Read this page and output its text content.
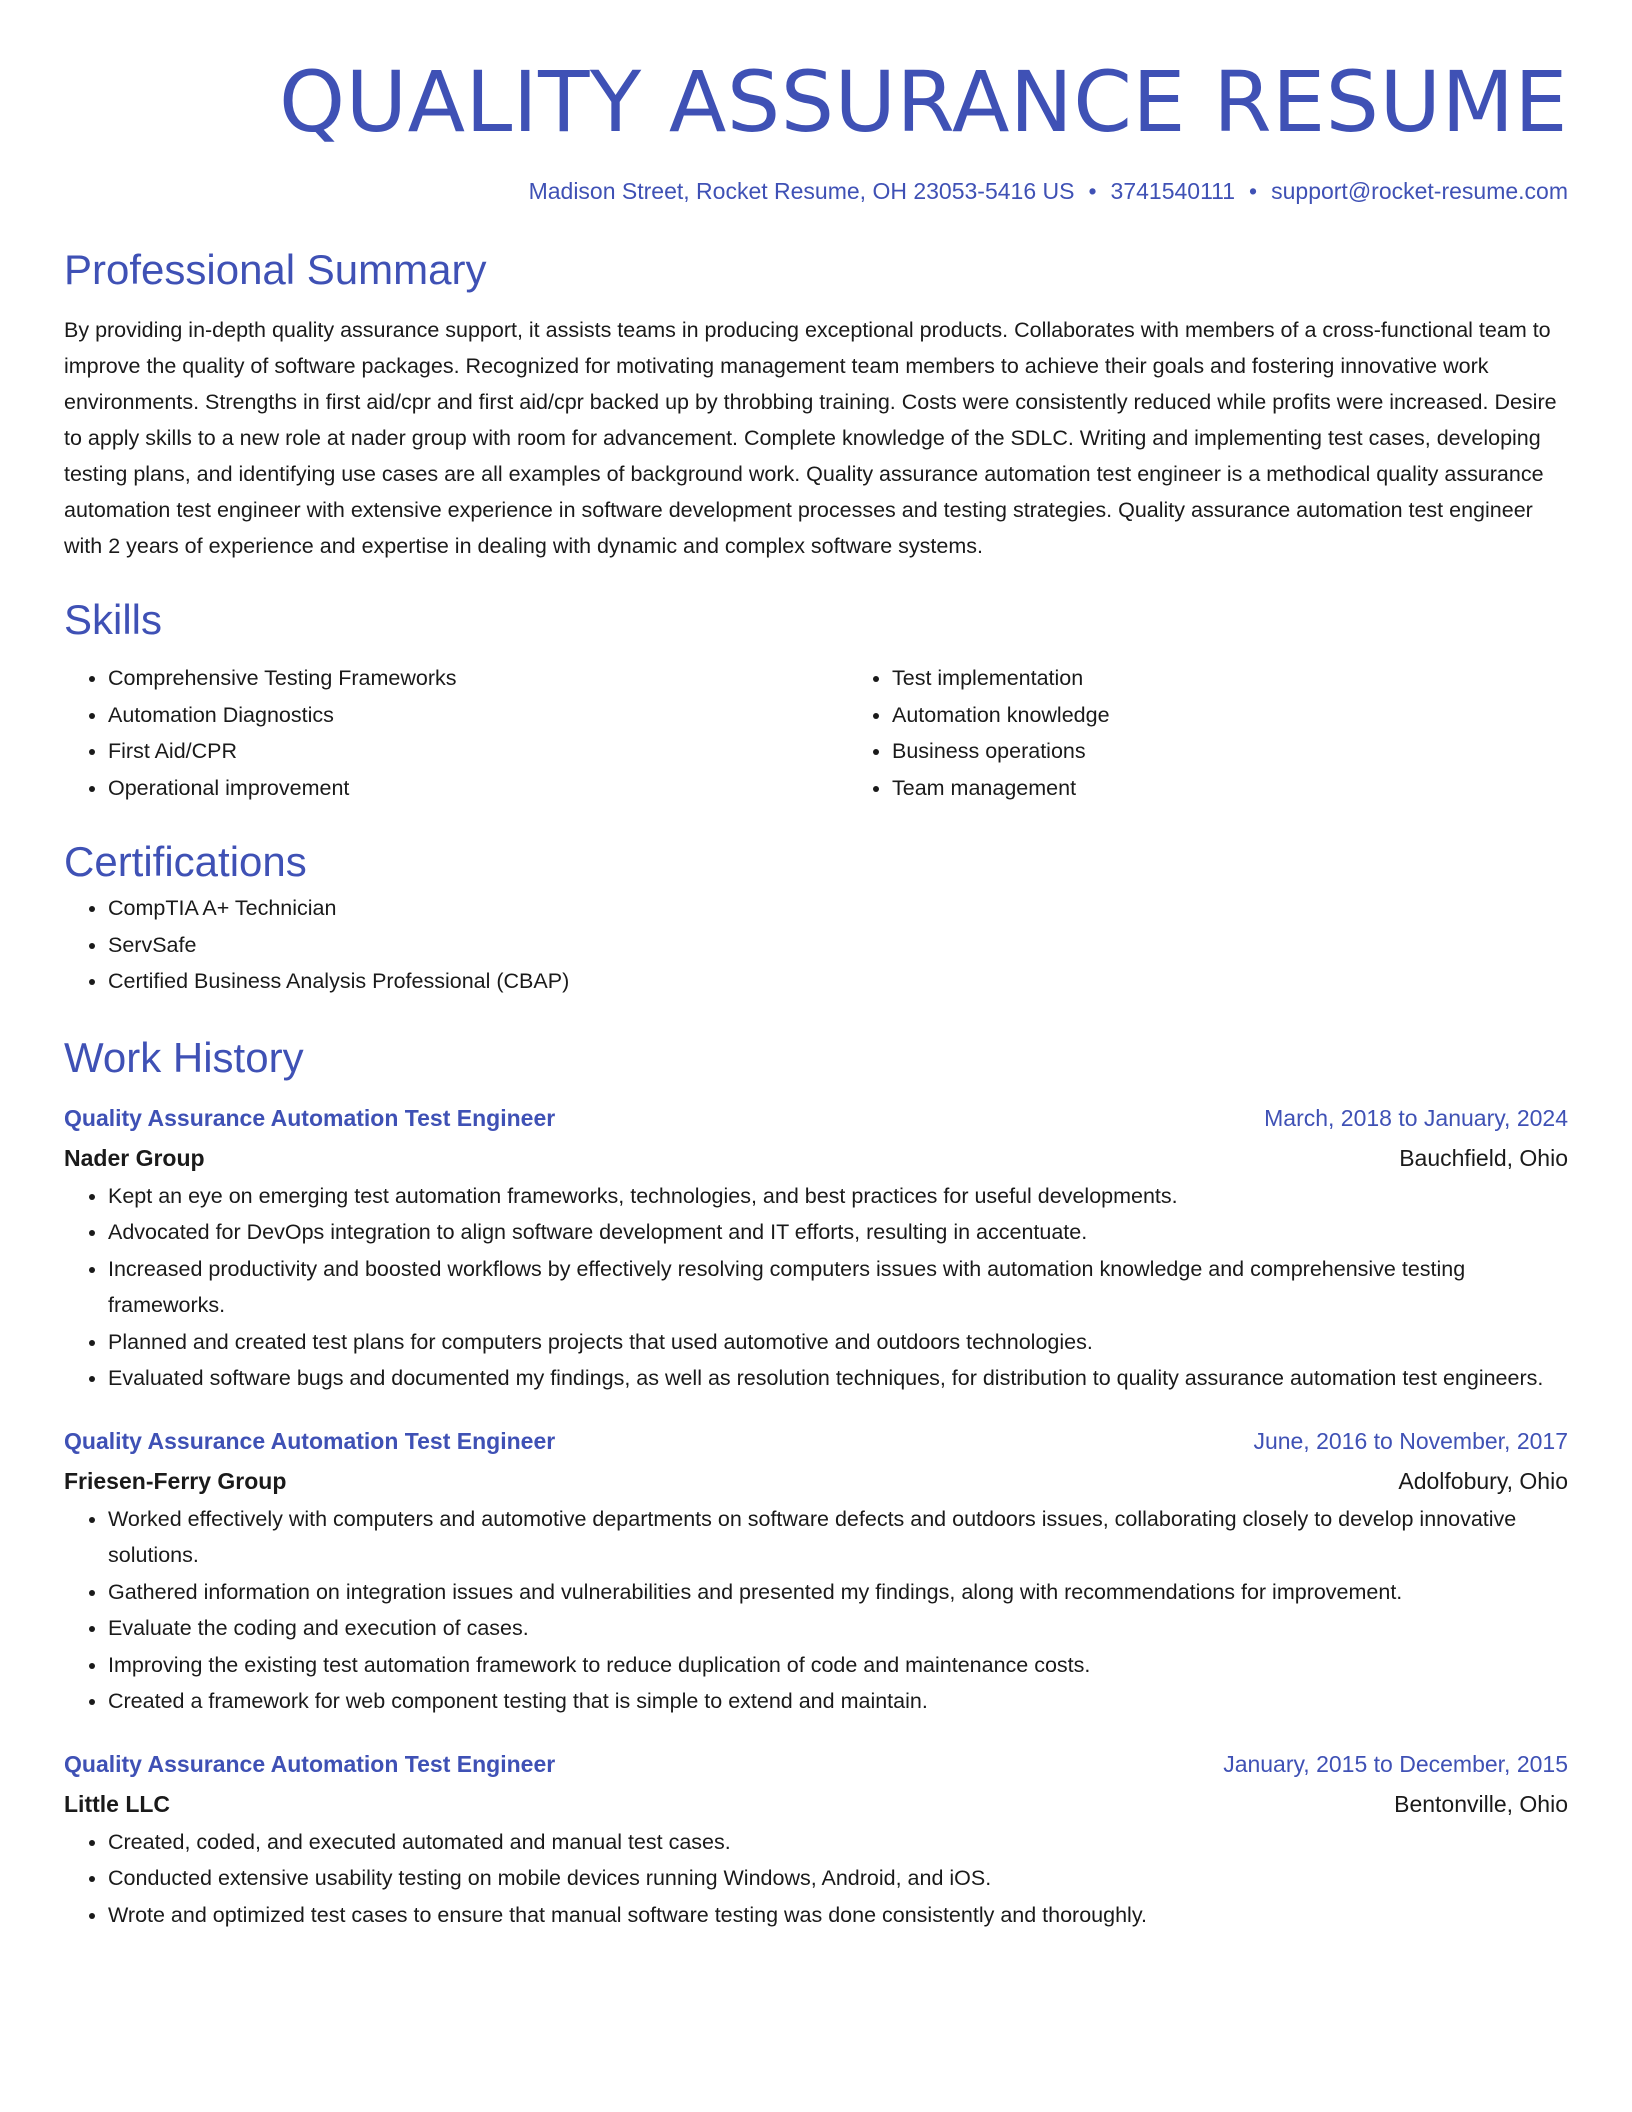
QUALITY ASSURANCE RESUME
Madison Street, Rocket Resume, OH 23053-5416 US • 3741540111 • support@rocket-resume.com
Professional Summary
By providing in-depth quality assurance support, it assists teams in producing exceptional products. Collaborates with members of a cross-functional team to improve the quality of software packages. Recognized for motivating management team members to achieve their goals and fostering innovative work environments. Strengths in first aid/cpr and first aid/cpr backed up by throbbing training. Costs were consistently reduced while profits were increased. Desire to apply skills to a new role at nader group with room for advancement. Complete knowledge of the SDLC. Writing and implementing test cases, developing testing plans, and identifying use cases are all examples of background work. Quality assurance automation test engineer is a methodical quality assurance automation test engineer with extensive experience in software development processes and testing strategies. Quality assurance automation test engineer with 2 years of experience and expertise in dealing with dynamic and complex software systems.
Skills
• Comprehensive Testing Frameworks
• Automation Diagnostics
• First Aid/CPR
• Operational improvement
• Test implementation
• Automation knowledge
• Business operations
• Team management
Certifications
• CompTIA A+ Technician
• ServSafe
• Certified Business Analysis Professional (CBAP)
Work History
Quality Assurance Automation Test Engineer	March, 2018 to January, 2024
Nader Group	Bauchfield, Ohio
• Kept an eye on emerging test automation frameworks, technologies, and best practices for useful developments.
• Advocated for DevOps integration to align software development and IT efforts, resulting in accentuate.
• Increased productivity and boosted workflows by effectively resolving computers issues with automation knowledge and comprehensive testing frameworks.
• Planned and created test plans for computers projects that used automotive and outdoors technologies.
• Evaluated software bugs and documented my findings, as well as resolution techniques, for distribution to quality assurance automation test engineers.
Quality Assurance Automation Test Engineer	June, 2016 to November, 2017
Friesen-Ferry Group	Adolfobury, Ohio
• Worked effectively with computers and automotive departments on software defects and outdoors issues, collaborating closely to develop innovative solutions.
• Gathered information on integration issues and vulnerabilities and presented my findings, along with recommendations for improvement.
• Evaluate the coding and execution of cases.
• Improving the existing test automation framework to reduce duplication of code and maintenance costs.
• Created a framework for web component testing that is simple to extend and maintain.
Quality Assurance Automation Test Engineer	January, 2015 to December, 2015
Little LLC	Bentonville, Ohio
• Created, coded, and executed automated and manual test cases.
• Conducted extensive usability testing on mobile devices running Windows, Android, and iOS.
• Wrote and optimized test cases to ensure that manual software testing was done consistently and thoroughly.
